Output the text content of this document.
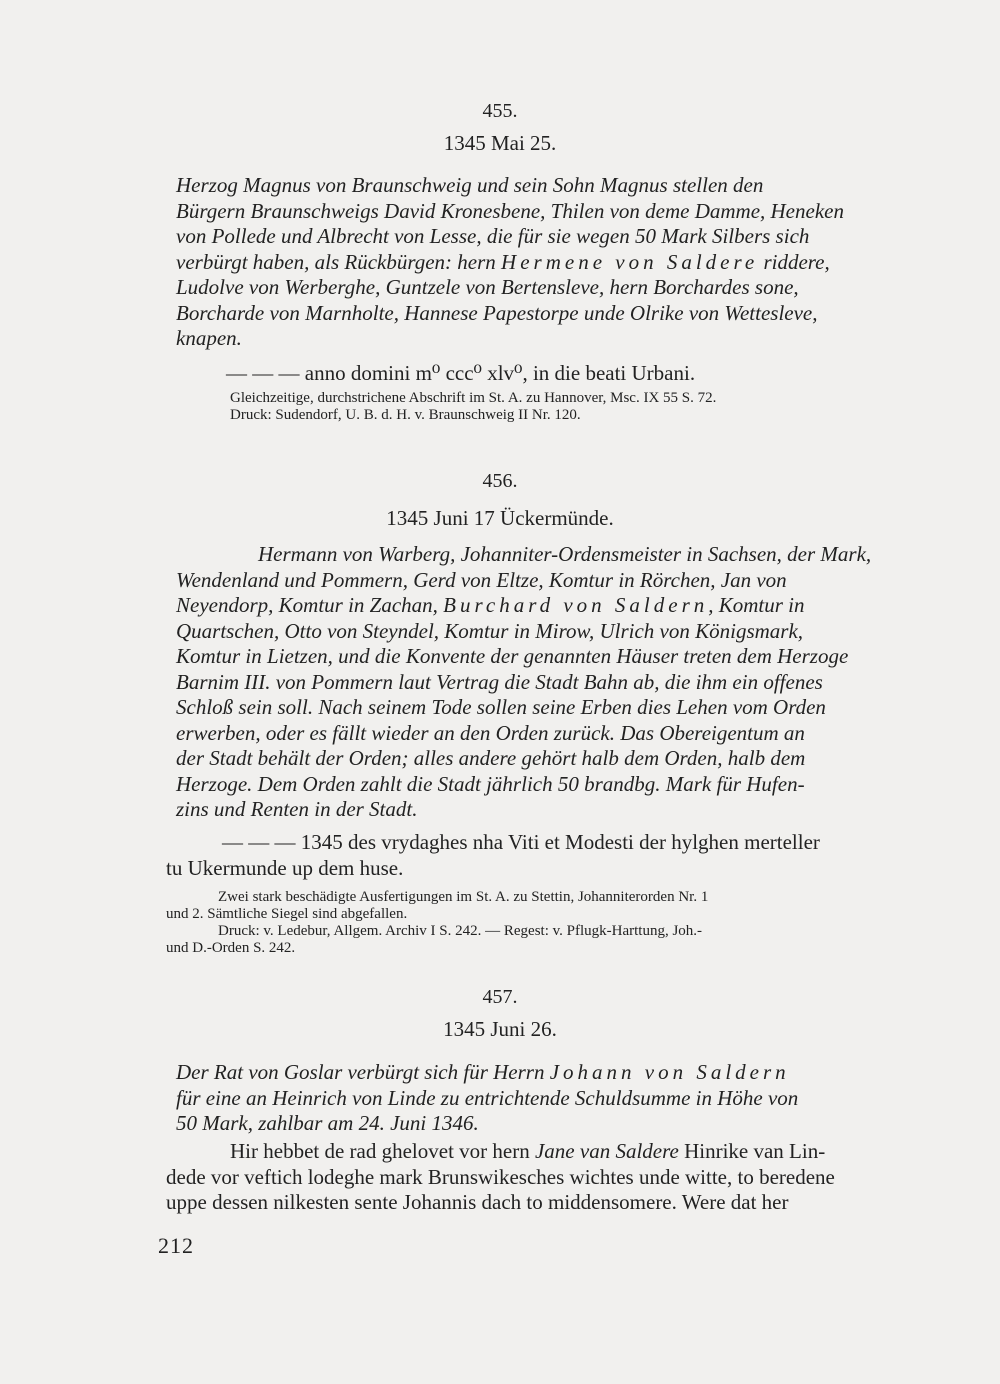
455.
1345 Mai 25.
Herzog Magnus von Braunschweig und sein Sohn Magnus stellen den
Bürgern Braunschweigs David Kronesbene, Thilen von deme Damme, Heneken
von Pollede und Albrecht von Lesse, die für sie wegen 50 Mark Silbers sich
verbürgt haben, als Rückbürgen: hern Hermene von Saldere riddere,
Ludolve von Werberghe, Guntzele von Bertensleve, hern Borchardes sone,
Borcharde von Marnholte, Hannese Papestorpe unde Olrike von Wettesleve,
knapen.
— — — anno domini m⁰ ccc⁰ xlv⁰, in die beati Urbani.
Gleichzeitige, durchstrichene Abschrift im St. A. zu Hannover, Msc. IX 55 S. 72.
Druck: Sudendorf, U. B. d. H. v. Braunschweig II Nr. 120.
456.
1345 Juni 17 Ückermünde.
Hermann von Warberg, Johanniter-Ordensmeister in Sachsen, der Mark,
Wendenland und Pommern, Gerd von Eltze, Komtur in Rörchen, Jan von
Neyendorp, Komtur in Zachan, Burchard von Saldern, Komtur in
Quartschen, Otto von Steyndel, Komtur in Mirow, Ulrich von Königsmark,
Komtur in Lietzen, und die Konvente der genannten Häuser treten dem Herzoge
Barnim III. von Pommern laut Vertrag die Stadt Bahn ab, die ihm ein offenes
Schloß sein soll. Nach seinem Tode sollen seine Erben dies Lehen vom Orden
erwerben, oder es fällt wieder an den Orden zurück. Das Obereigentum an
der Stadt behält der Orden; alles andere gehört halb dem Orden, halb dem
Herzoge. Dem Orden zahlt die Stadt jährlich 50 brandbg. Mark für Hufen-
zins und Renten in der Stadt.
— — — 1345 des vrydaghes nha Viti et Modesti der hylghen merteller
tu Ukermunde up dem huse.
Zwei stark beschädigte Ausfertigungen im St. A. zu Stettin, Johanniterorden Nr. 1
und 2. Sämtliche Siegel sind abgefallen.
Druck: v. Ledebur, Allgem. Archiv I S. 242. — Regest: v. Pflugk-Harttung, Joh.-
und D.-Orden S. 242.
457.
1345 Juni 26.
Der Rat von Goslar verbürgt sich für Herrn Johann von Saldern
für eine an Heinrich von Linde zu entrichtende Schuldsumme in Höhe von
50 Mark, zahlbar am 24. Juni 1346.
Hir hebbet de rad ghelovet vor hern Jane van Saldere Hinrike van Lin-
dede vor veftich lodeghe mark Brunswikesches wichtes unde witte, to beredene
uppe dessen nilkesten sente Johannis dach to middensomere. Were dat her
212
